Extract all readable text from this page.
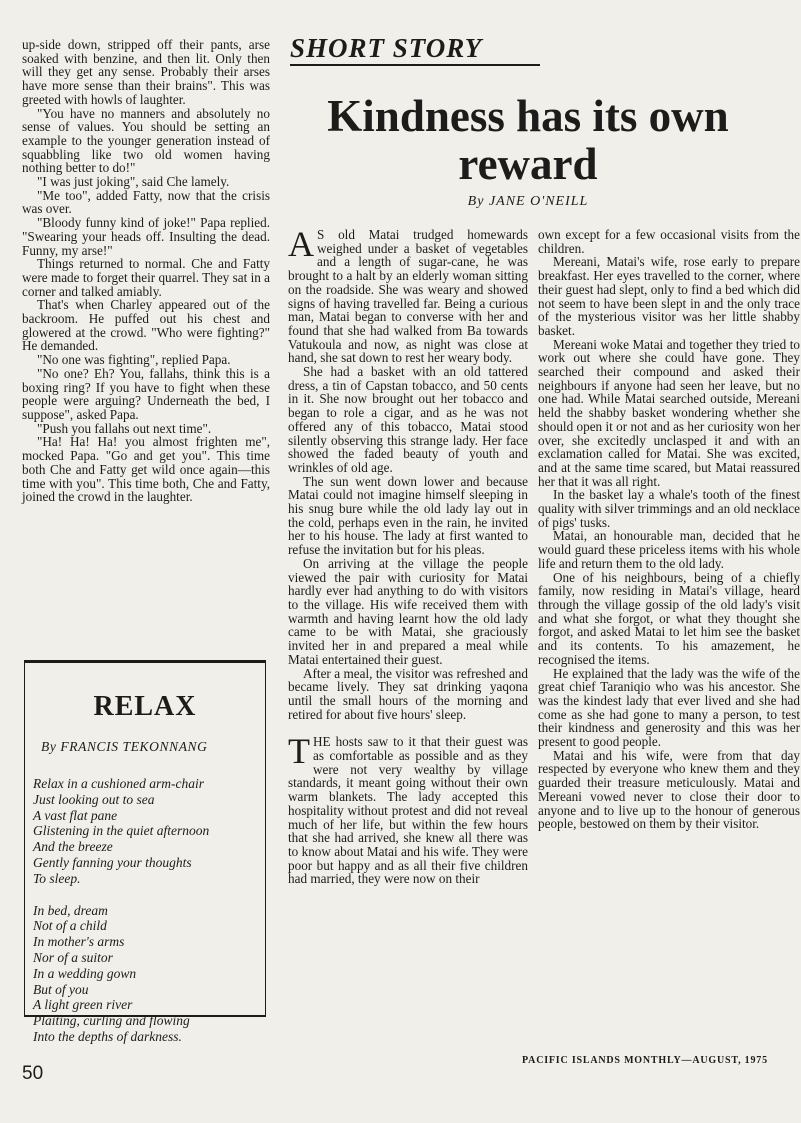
up-side down, stripped off their pants, arse soaked with benzine, and then lit. Only then will they get any sense. Probably their arses have more sense than their brains". This was greeted with howls of laughter.

"You have no manners and absolutely no sense of values. You should be setting an example to the younger generation instead of squabbling like two old women having nothing better to do!"

"I was just joking", said Che lamely.

"Me too", added Fatty, now that the crisis was over.

"Bloody funny kind of joke!" Papa replied. "Swearing your heads off. Insulting the dead. Funny, my arse!"

Things returned to normal. Che and Fatty were made to forget their quarrel. They sat in a corner and talked amiably.

That's when Charley appeared out of the backroom. He puffed out his chest and glowered at the crowd. "Who were fighting?" He demanded.

"No one was fighting", replied Papa.

"No one? Eh? You, fallahs, think this is a boxing ring? If you have to fight when these people were arguing? Underneath the bed, I suppose", asked Papa.

"Push you fallahs out next time".

"Ha! Ha! Ha! you almost frighten me", mocked Papa. "Go and get you". This time both Che and Fatty get wild once again—this time with you". This time both, Che and Fatty, joined the crowd in the laughter.

RELAX
By FRANCIS TEKONNANG
Relax in a cushioned arm-chair
Just looking out to sea
A vast flat pane
Glistening in the quiet afternoon
And the breeze
Gently fanning your thoughts
To sleep.
In bed, dream
Not of a child
In mother's arms
Nor of a suitor
In a wedding gown
But of you
A light green river
Plaiting, curling and flowing
Into the depths of darkness.
SHORT STORY
Kindness has its own reward
By JANE O'NEILL

A S old Matai trudged homewards weighed under a basket of vegetables and a length of sugar-cane, he was brought to a halt by an elderly woman sitting on the roadside. She was weary and showed signs of having travelled far. Being a curious man, Matai began to converse with her and found that she had walked from Ba towards Vatukoula and now, as night was close at hand, she sat down to rest her weary body.

She had a basket with an old tattered dress, a tin of Capstan tobacco, and 50 cents in it. She now brought out her tobacco and began to role a cigar, and as he was not offered any of this tobacco, Matai stood silently observing this strange lady. Her face showed the faded beauty of youth and wrinkles of old age.

The sun went down lower and because Matai could not imagine himself sleeping in his snug bure while the old lady lay out in the cold, perhaps even in the rain, he invited her to his house. The lady at first wanted to refuse the invitation but for his pleas.

On arriving at the village the people viewed the pair with curiosity for Matai hardly ever had anything to do with visitors to the village. His wife received them with warmth and having learnt how the old lady came to be with Matai, she graciously invited her in and prepared a meal while Matai entertained their guest.

After a meal, the visitor was refreshed and became lively. They sat drinking yaqona until the small hours of the morning and retired for about five hours' sleep.

THE hosts saw to it that their guest was as comfortable as possible and as they were not very wealthy by village standards, it meant going without their own warm blankets. The lady accepted this hospitality without protest and did not reveal much of her life, but within the few hours that she had arrived, she knew all there was to know about Matai and his wife. They were poor but happy and as all their five children had married, they were now on their

own except for a few occasional visits from the children.

Mereani, Matai's wife, rose early to prepare breakfast. Her eyes travelled to the corner, where their guest had slept, only to find a bed which did not seem to have been slept in and the only trace of the mysterious visitor was her little shabby basket.

Mereani woke Matai and together they tried to work out where she could have gone. They searched their compound and asked their neighbours if anyone had seen her leave, but no one had. While Matai searched outside, Mereani held the shabby basket wondering whether she should open it or not and as her curiosity won her over, she excitedly unclasped it and with an exclamation called for Matai. She was excited, and at the same time scared, but Matai reassured her that it was all right.

In the basket lay a whale's tooth of the finest quality with silver trimmings and an old necklace of pigs' tusks.

Matai, an honourable man, decided that he would guard these priceless items with his whole life and return them to the old lady.

One of his neighbours, being of a chiefly family, now residing in Matai's village, heard through the village gossip of the old lady's visit and what she forgot, or what they thought she forgot, and asked Matai to let him see the basket and its contents. To his amazement, he recognised the items.

He explained that the lady was the wife of the great chief Taraniqio who was his ancestor. She was the kindest lady that ever lived and she had come as she had gone to many a person, to test their kindness and generosity and this was her present to good people.

Matai and his wife, were from that day respected by everyone who knew them and they guarded their treasure meticulously. Matai and Mereani vowed never to close their door to anyone and to live up to the honour of generous people, bestowed on them by their visitor.

50
PACIFIC ISLANDS MONTHLY—AUGUST, 1975
